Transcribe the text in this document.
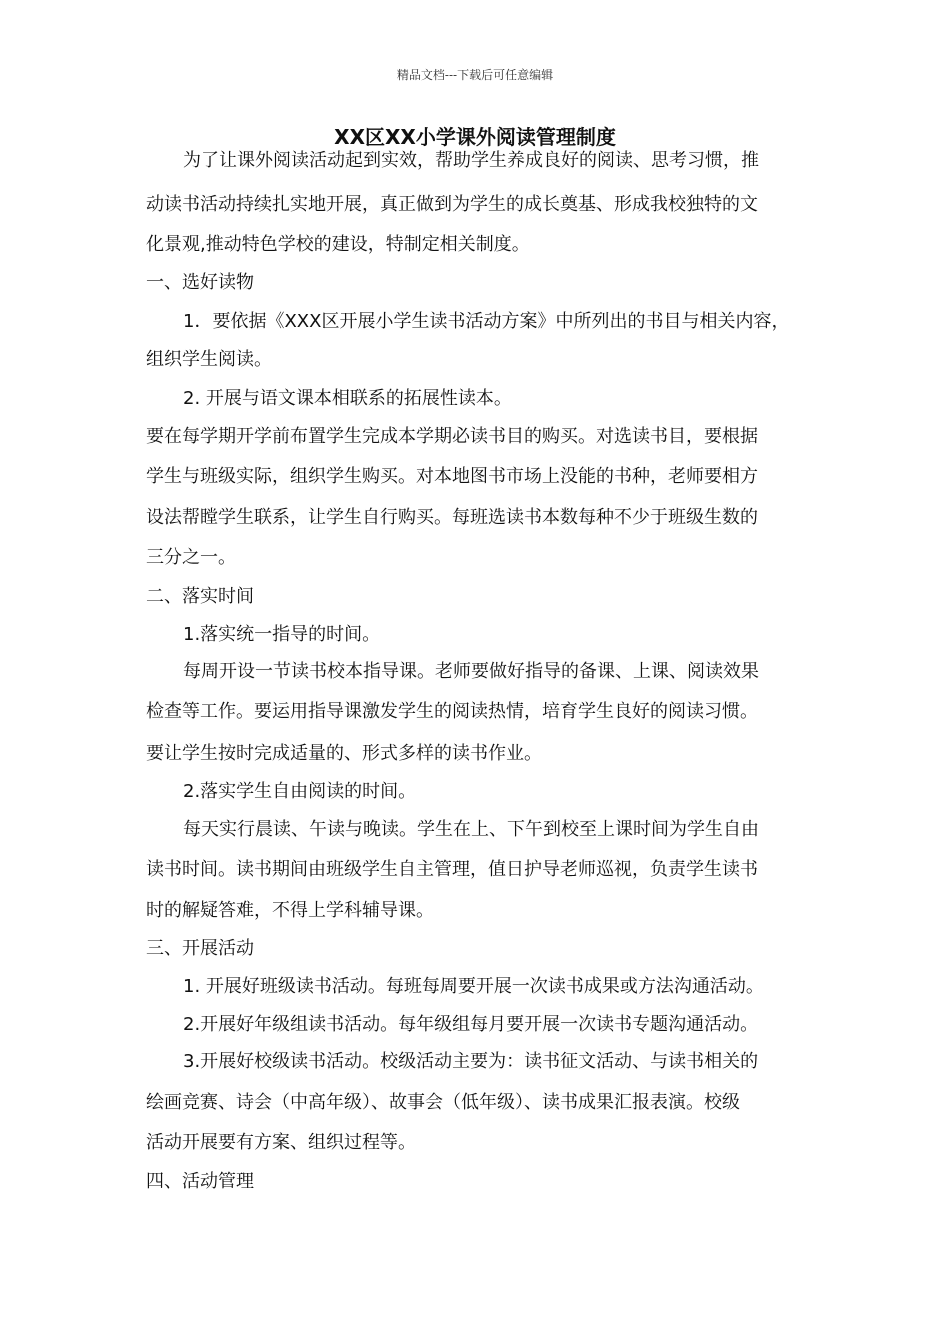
精品文档---下载后可任意编辑
XX区XX小学课外阅读管理制度
为了让课外阅读活动起到实效，帮助学生养成良好的阅读、思考习惯，推
动读书活动持续扎实地开展，真正做到为学生的成长奠基、形成我校独特的文
化景观,推动特色学校的建设，特制定相关制度。
一、选好读物
1．要依据《XXX区开展小学生读书活动方案》中所列出的书目与相关内容，
组织学生阅读。
2. 开展与语文课本相联系的拓展性读本。
要在每学期开学前布置学生完成本学期必读书目的购买。对选读书目，要根据
学生与班级实际，组织学生购买。对本地图书市场上没能的书种，老师要相方
设法帮瞠学生联系，让学生自行购买。每班选读书本数每种不少于班级生数的
三分之一。
二、落实时间
1.落实统一指导的时间。
每周开设一节读书校本指导课。老师要做好指导的备课、上课、阅读效果
检查等工作。要运用指导课激发学生的阅读热情，培育学生良好的阅读习惯。
要让学生按时完成适量的、形式多样的读书作业。
2.落实学生自由阅读的时间。
每天实行晨读、午读与晚读。学生在上、下午到校至上课时间为学生自由
读书时间。读书期间由班级学生自主管理，值日护导老师巡视，负责学生读书
时的解疑答难，不得上学科辅导课。
三、开展活动
1. 开展好班级读书活动。每班每周要开展一次读书成果或方法沟通活动。
2.开展好年级组读书活动。每年级组每月要开展一次读书专题沟通活动。
3.开展好校级读书活动。校级活动主要为：读书征文活动、与读书相关的
绘画竞赛、诗会（中高年级）、故事会（低年级）、读书成果汇报表演。校级
活动开展要有方案、组织过程等。
四、活动管理
